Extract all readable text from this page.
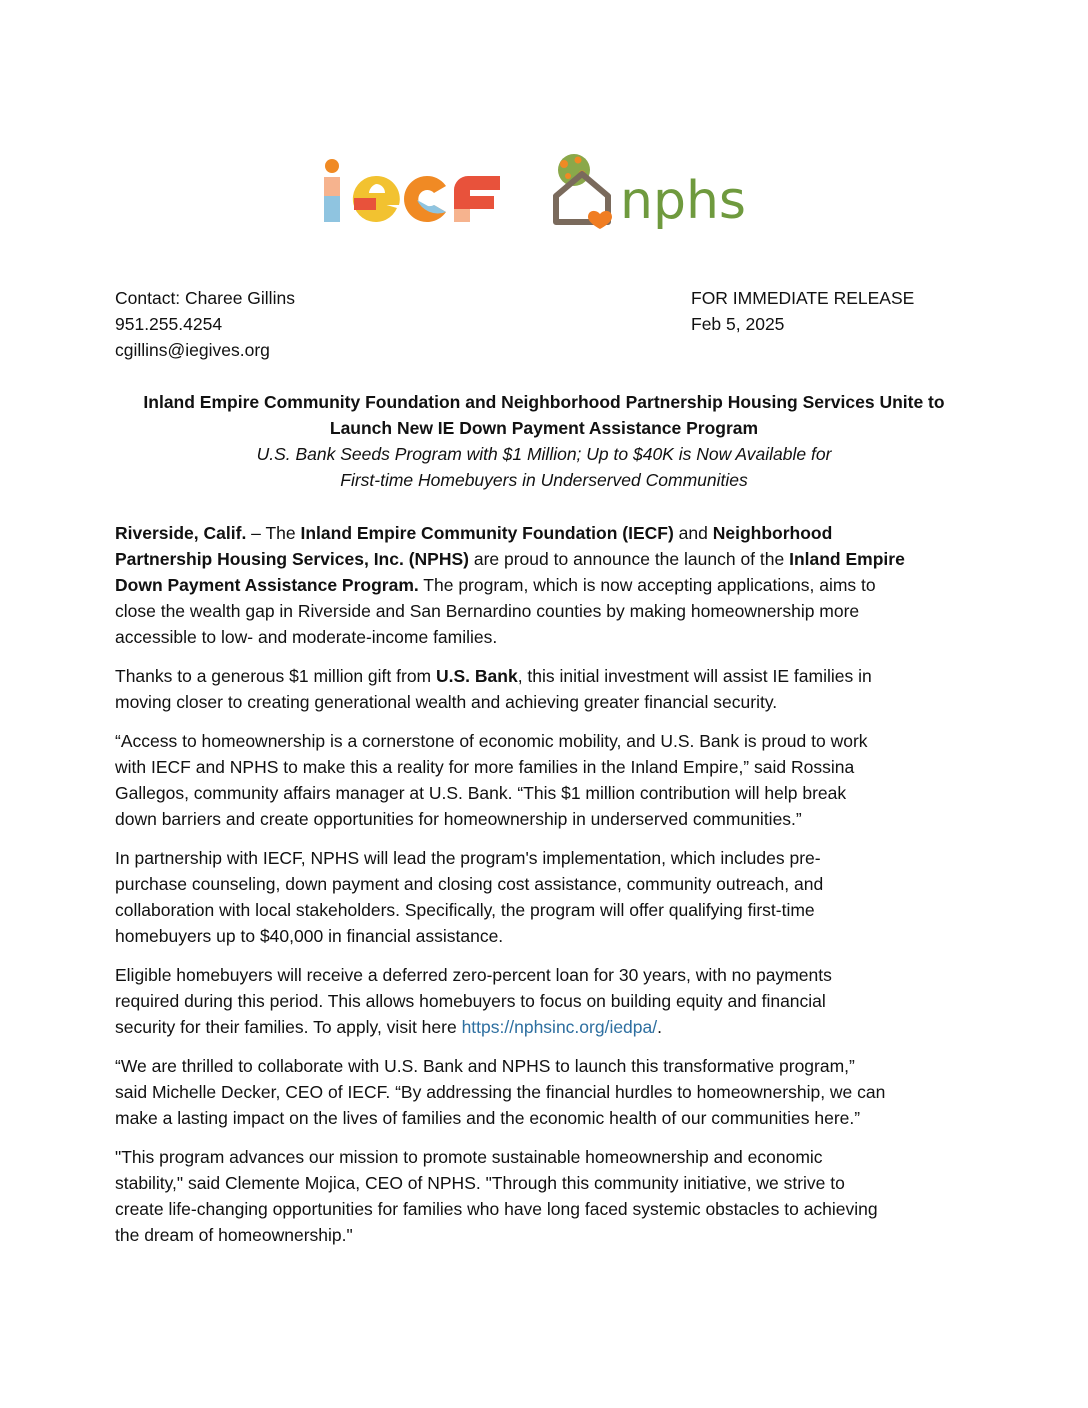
nphs
Contact: Charee Gillins
951.255.4254
cgillins@iegives.org
FOR IMMEDIATE RELEASE
Feb 5, 2025
Inland Empire Community Foundation and Neighborhood Partnership Housing Services Unite to
Launch New IE Down Payment Assistance Program
U.S. Bank Seeds Program with $1 Million; Up to $40K is Now Available for
First-time Homebuyers in Underserved Communities
Riverside, Calif. – The Inland Empire Community Foundation (IECF) and Neighborhood
Partnership Housing Services, Inc. (NPHS) are proud to announce the launch of the Inland Empire
Down Payment Assistance Program. The program, which is now accepting applications, aims to
close the wealth gap in Riverside and San Bernardino counties by making homeownership more
accessible to low- and moderate-income families.
Thanks to a generous $1 million gift from U.S. Bank, this initial investment will assist IE families in
moving closer to creating generational wealth and achieving greater financial security.
“Access to homeownership is a cornerstone of economic mobility, and U.S. Bank is proud to work
with IECF and NPHS to make this a reality for more families in the Inland Empire,” said Rossina
Gallegos, community affairs manager at U.S. Bank. “This $1 million contribution will help break
down barriers and create opportunities for homeownership in underserved communities.”
In partnership with IECF, NPHS will lead the program's implementation, which includes pre-
purchase counseling, down payment and closing cost assistance, community outreach, and
collaboration with local stakeholders. Specifically, the program will offer qualifying first-time
homebuyers up to $40,000 in financial assistance.
Eligible homebuyers will receive a deferred zero-percent loan for 30 years, with no payments
required during this period. This allows homebuyers to focus on building equity and financial
security for their families. To apply, visit here https://nphsinc.org/iedpa/.
“We are thrilled to collaborate with U.S. Bank and NPHS to launch this transformative program,”
said Michelle Decker, CEO of IECF. “By addressing the financial hurdles to homeownership, we can
make a lasting impact on the lives of families and the economic health of our communities here.”
"This program advances our mission to promote sustainable homeownership and economic
stability," said Clemente Mojica, CEO of NPHS. "Through this community initiative, we strive to
create life-changing opportunities for families who have long faced systemic obstacles to achieving
the dream of homeownership."
